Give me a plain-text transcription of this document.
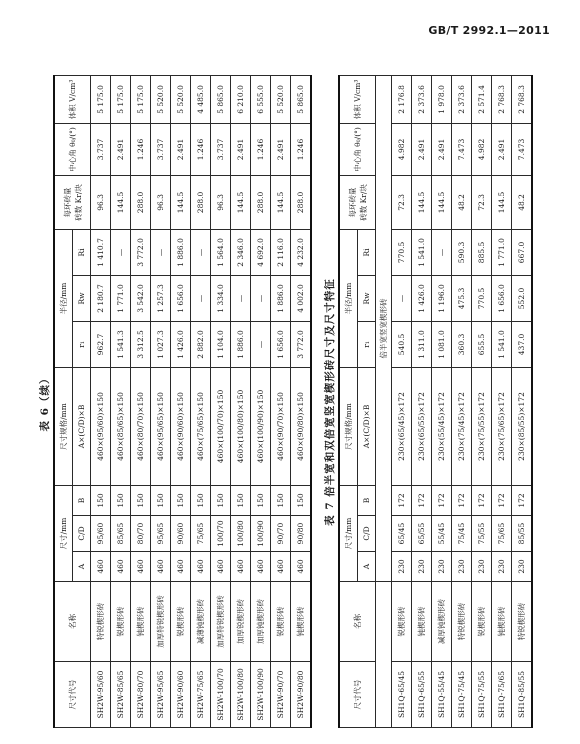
GB/T 2992.1—2011
表 6（续）
尺寸代号	名称	尺寸/mm			尺寸规格/mm	半径/mm			每环砖量 砖数 Kr/块	中心角 θ₀/(°)	体积 V/cm³
		A	C/D	B	A×(C/D)×B	r₁	Rw	Ri			
SH2W-95/60	特锐楔形砖	460	95/60	150	460×(95/60)×150	962.7	2 180.7	1 410.7	96.3	3.737	5 175.0
SH2W-85/65	锐楔形砖	460	85/65	150	460×(85/65)×150	1 541.3	1 771.0	—	144.5	2.491	5 175.0
SH2W-80/70	钝楔形砖	460	80/70	150	460×(80/70)×150	3 312.5	3 542.0	3 772.0	288.0	1.246	5 175.0
SH2W-95/65	加厚特锐楔形砖	460	95/65	150	460×(95/65)×150	1 027.3	1 257.3	—	96.3	3.737	5 520.0
SH2W-90/60	锐楔形砖	460	90/60	150	460×(90/60)×150	1 426.0	1 656.0	1 886.0	144.5	2.491	5 520.0
SH2W-75/65	减薄钝楔形砖	460	75/65	150	460×(75/65)×150	2 882.0	—	—	288.0	1.246	4 485.0
SH2W-100/70	加厚特锐楔形砖	460	100/70	150	460×(100/70)×150	1 104.0	1 334.0	1 564.0	96.3	3.737	5 865.0
SH2W-100/80	加厚锐楔形砖	460	100/80	150	460×(100/80)×150	1 886.0	—	2 346.0	144.5	2.491	6 210.0
SH2W-100/90	加厚钝楔形砖	460	100/90	150	460×(100/90)×150	—	—	4 692.0	288.0	1.246	6 555.0
SH2W-90/70	锐楔形砖	460	90/70	150	460×(90/70)×150	1 656.0	1 886.0	2 116.0	144.5	2.491	5 520.0
SH2W-90/80	钝楔形砖	460	90/80	150	460×(90/80)×150	3 772.0	4 002.0	4 232.0	288.0	1.246	5 865.0
表 7 倍半宽和双倍宽竖宽楔形砖尺寸及尺寸特征
尺寸代号	名称	尺寸/mm			尺寸规格/mm	半径/mm			每环砖量 砖数 Kr/块	中心角 θ₀/(°)	体积 V/cm³
		A	C/D	B	A×(C/D)×B	r₁	Rw	Ri			
		倍半宽竖宽楔形砖									
SH1Q-65/45	锐楔形砖	230	65/45	172	230×(65/45)×172	540.5	—	770.5	72.3	4.982	2 176.8
SH1Q-65/55	钝楔形砖	230	65/55	172	230×(65/55)×172	1 311.0	1 426.0	1 541.0	144.5	2.491	2 373.6
SH1Q-55/45	减厚钝楔形砖	230	55/45	172	230×(55/45)×172	1 081.0	1 196.0	—	144.5	2.491	1 978.0
SH1Q-75/45	特锐楔形砖	230	75/45	172	230×(75/45)×172	360.3	475.3	590.3	48.2	7.473	2 373.6
SH1Q-75/55	锐楔形砖	230	75/55	172	230×(75/55)×172	655.5	770.5	885.5	72.3	4.982	2 571.4
SH1Q-75/65	钝楔形砖	230	75/65	172	230×(75/65)×172	1 541.0	1 656.0	1 771.0	144.5	2.491	2 768.3
SH1Q-85/55	特锐楔形砖	230	85/55	172	230×(85/55)×172	437.0	552.0	667.0	48.2	7.473	2 768.3
